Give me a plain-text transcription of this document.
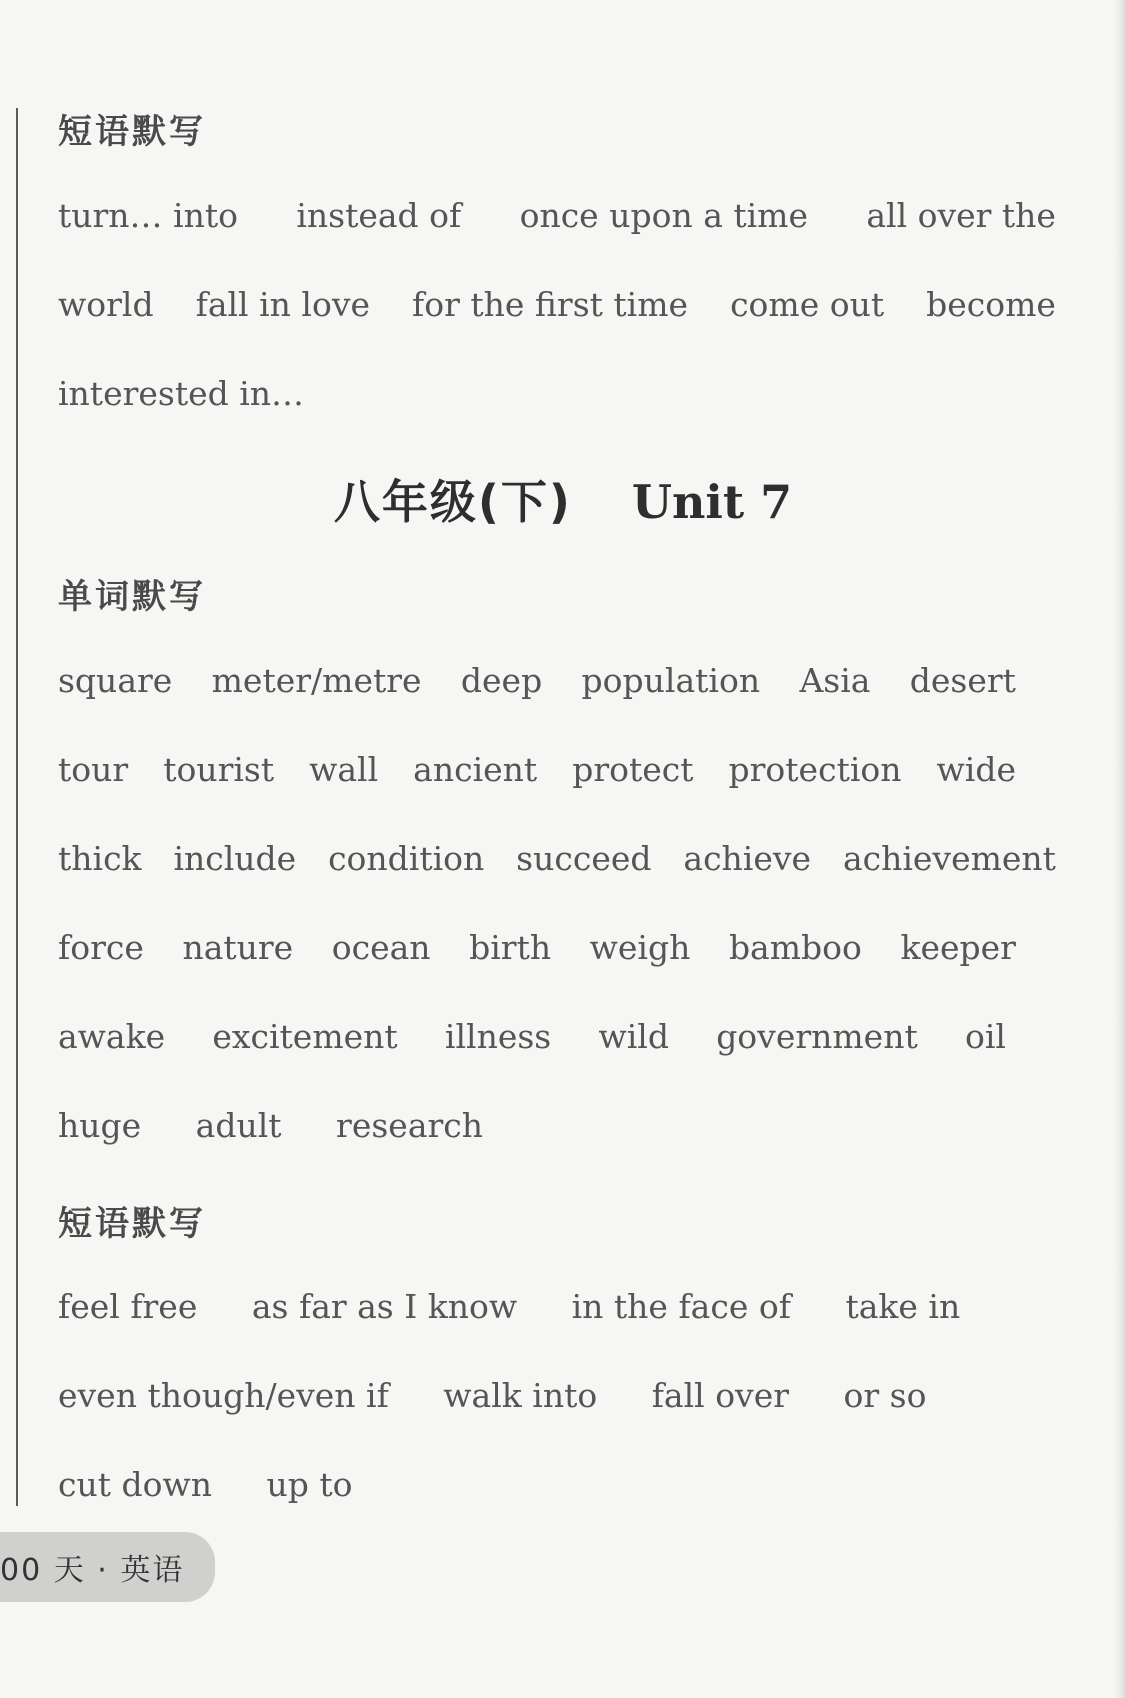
短语默写
turn… into instead of once upon a time all over the
world fall in love for the first time come out become
interested in…
八年级(下) Unit 7
单词默写
square meter/metre deep population Asia desert
tour tourist wall ancient protect protection wide
thick include condition succeed achieve achievement
force nature ocean birth weigh bamboo keeper
awake excitement illness wild government oil
huge adult research
短语默写
feel free as far as I know in the face of take in
even though/even if walk into fall over or so
cut down up to
00 天 · 英语
